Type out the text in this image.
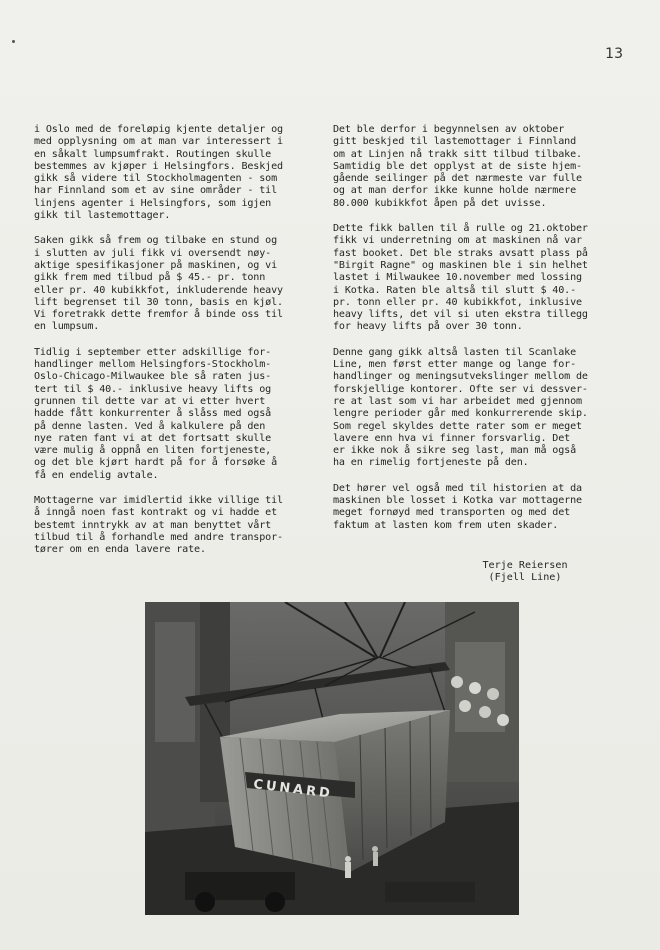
13

i Oslo med de foreløpig kjente detaljer og
med opplysning om at man var interessert i
en såkalt lumpsumfrakt. Routingen skulle
bestemmes av kjøper i Helsingfors. Beskjed
gikk så videre til Stockholmagenten - som
har Finnland som et av sine områder - til
linjens agenter i Helsingfors, som igjen
gikk til lastemottager.

Saken gikk så frem og tilbake en stund og
i slutten av juli fikk vi oversendt nøy-
aktige spesifikasjoner på maskinen, og vi
gikk frem med tilbud på $ 45.- pr. tonn
eller pr. 40 kubikkfot, inkluderende heavy
lift begrenset til 30 tonn, basis en kjøl.
Vi foretrakk dette fremfor å binde oss til
en lumpsum.

Tidlig i september etter adskillige for-
handlinger mellom Helsingfors-Stockholm-
Oslo-Chicago-Milwaukee ble så raten jus-
tert til $ 40.- inklusive heavy lifts og
grunnen til dette var at vi etter hvert
hadde fått konkurrenter å slåss med også
på denne lasten. Ved å kalkulere på den
nye raten fant vi at det fortsatt skulle
være mulig å oppnå en liten fortjeneste,
og det ble kjørt hardt på for å forsøke å
få en endelig avtale.

Mottagerne var imidlertid ikke villige til
å inngå noen fast kontrakt og vi hadde et
bestemt inntrykk av at man benyttet vårt
tilbud til å forhandle med andre transpor-
tører om en enda lavere rate.

Det ble derfor i begynnelsen av oktober
gitt beskjed til lastemottager i Finnland
om at Linjen nå trakk sitt tilbud tilbake.
Samtidig ble det opplyst at de siste hjem-
gående seilinger på det nærmeste var fulle
og at man derfor ikke kunne holde nærmere
80.000 kubikkfot åpen på det uvisse.

Dette fikk ballen til å rulle og 21.oktober
fikk vi underretning om at maskinen nå var
fast booket. Det ble straks avsatt plass på
"Birgit Ragne" og maskinen ble i sin helhet
lastet i Milwaukee 10.november med lossing
i Kotka. Raten ble altså til slutt $ 40.-
pr. tonn eller pr. 40 kubikkfot, inklusive
heavy lifts, det vil si uten ekstra tillegg
for heavy lifts på over 30 tonn.

Denne gang gikk altså lasten til Scanlake
Line, men først etter mange og lange for-
handlinger og meningsutvekslinger mellom de
forskjellige kontorer. Ofte ser vi dessver-
re at last som vi har arbeidet med gjennom
lengre perioder går med konkurrerende skip.
Som regel skyldes dette rater som er meget
lavere enn hva vi finner forsvarlig. Det
er ikke nok å sikre seg last, man må også
ha en rimelig fortjeneste på den.

Det hører vel også med til historien at da
maskinen ble losset i Kotka var mottagerne
meget fornøyd med transporten og med det
faktum at lasten kom frem uten skader.

Terje Reiersen
(Fjell Line)
CUNARD
